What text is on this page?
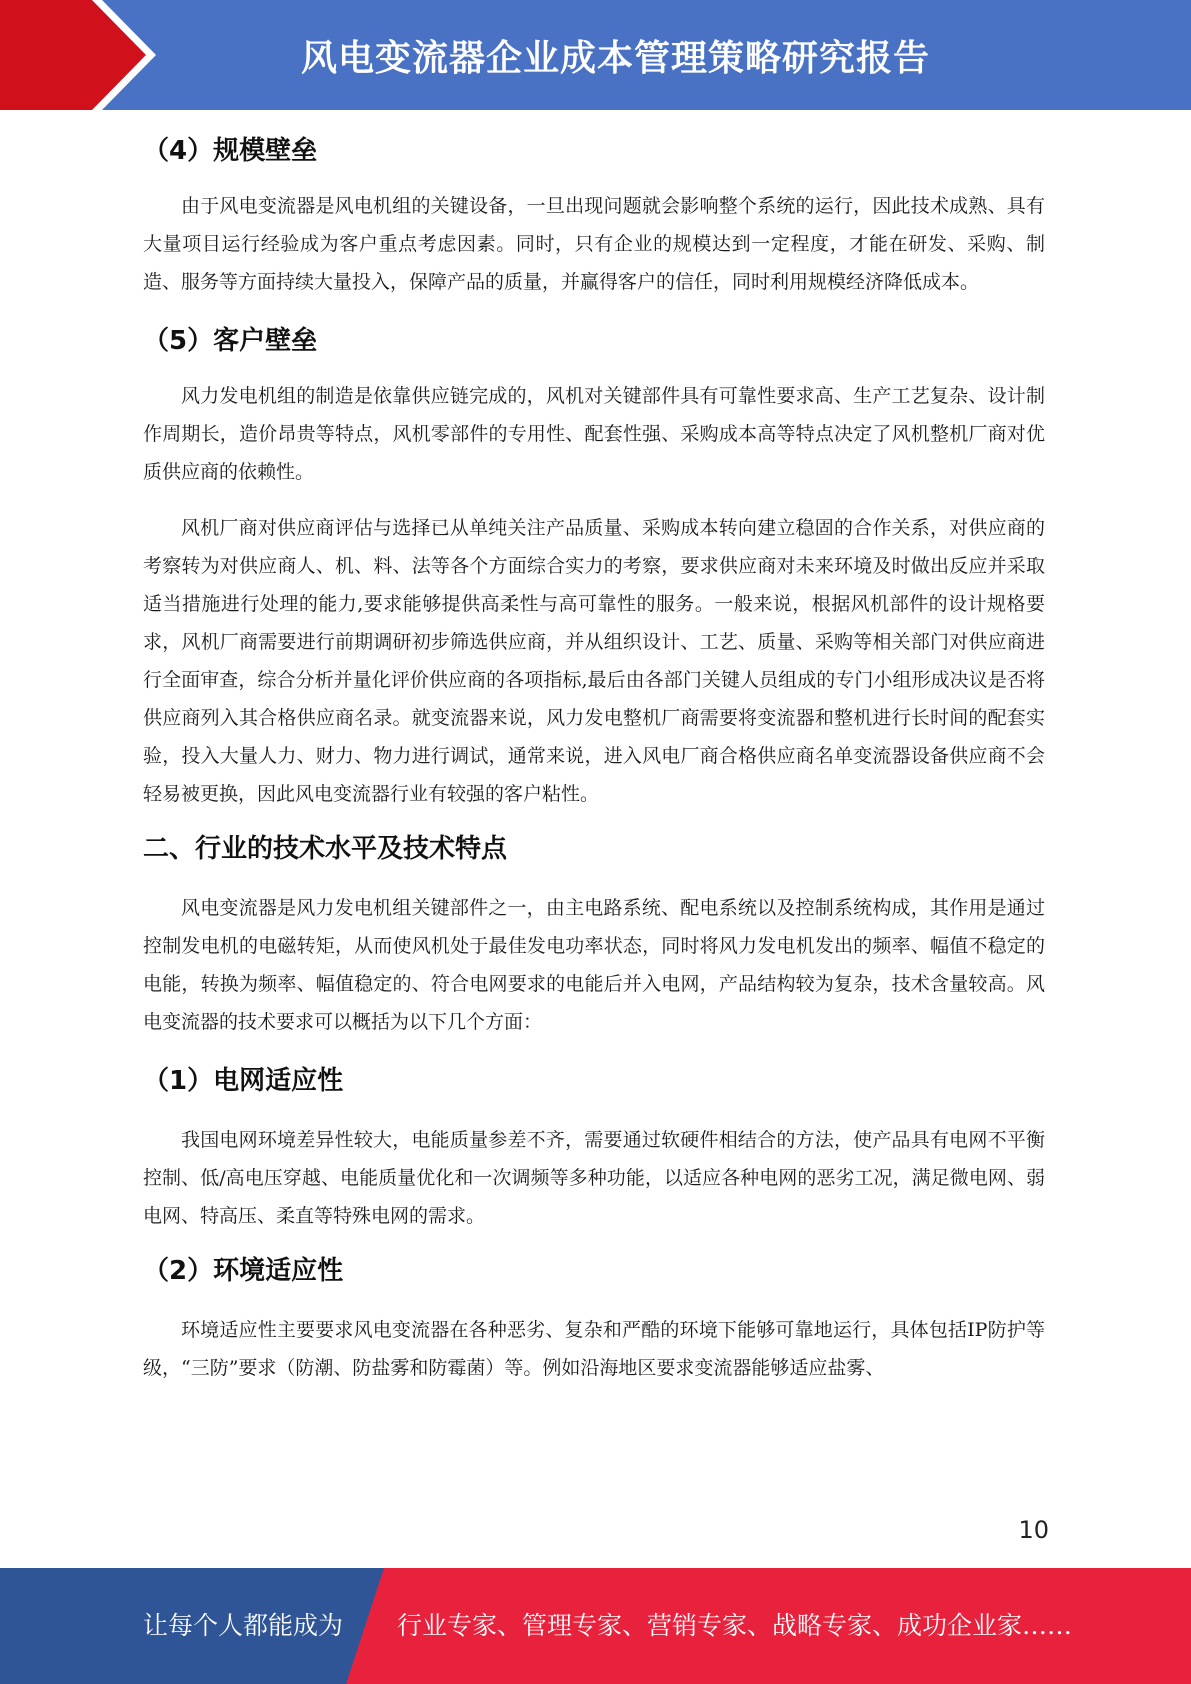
风电变流器企业成本管理策略研究报告
（4）规模壁垒

由于风电变流器是风电机组的关键设备，一旦出现问题就会影响整个系统的运行，因此技术成熟、具有大量项目运行经验成为客户重点考虑因素。同时，只有企业的规模达到一定程度，才能在研发、采购、制造、服务等方面持续大量投入，保障产品的质量，并赢得客户的信任，同时利用规模经济降低成本。

（5）客户壁垒

风力发电机组的制造是依靠供应链完成的，风机对关键部件具有可靠性要求高、生产工艺复杂、设计制作周期长，造价昂贵等特点，风机零部件的专用性、配套性强、采购成本高等特点决定了风机整机厂商对优质供应商的依赖性。

风机厂商对供应商评估与选择已从单纯关注产品质量、采购成本转向建立稳固的合作关系，对供应商的考察转为对供应商人、机、料、法等各个方面综合实力的考察，要求供应商对未来环境及时做出反应并采取适当措施进行处理的能力,要求能够提供高柔性与高可靠性的服务。一般来说，根据风机部件的设计规格要求，风机厂商需要进行前期调研初步筛选供应商，并从组织设计、工艺、质量、采购等相关部门对供应商进行全面审查，综合分析并量化评价供应商的各项指标,最后由各部门关键人员组成的专门小组形成决议是否将供应商列入其合格供应商名录。就变流器来说，风力发电整机厂商需要将变流器和整机进行长时间的配套实验，投入大量人力、财力、物力进行调试，通常来说，进入风电厂商合格供应商名单变流器设备供应商不会轻易被更换，因此风电变流器行业有较强的客户粘性。

二、行业的技术水平及技术特点

风电变流器是风力发电机组关键部件之一，由主电路系统、配电系统以及控制系统构成，其作用是通过控制发电机的电磁转矩，从而使风机处于最佳发电功率状态，同时将风力发电机发出的频率、幅值不稳定的电能，转换为频率、幅值稳定的、符合电网要求的电能后并入电网，产品结构较为复杂，技术含量较高。风电变流器的技术要求可以概括为以下几个方面：

（1）电网适应性

我国电网环境差异性较大，电能质量参差不齐，需要通过软硬件相结合的方法，使产品具有电网不平衡控制、低/高电压穿越、电能质量优化和一次调频等多种功能，以适应各种电网的恶劣工况，满足微电网、弱电网、特高压、柔直等特殊电网的需求。

（2）环境适应性

环境适应性主要要求风电变流器在各种恶劣、复杂和严酷的环境下能够可靠地运行，具体包括IP防护等级，“三防”要求（防潮、防盐雾和防霉菌）等。例如沿海地区要求变流器能够适应盐雾、

10
让每个人都能成为 行业专家、管理专家、营销专家、战略专家、成功企业家……
